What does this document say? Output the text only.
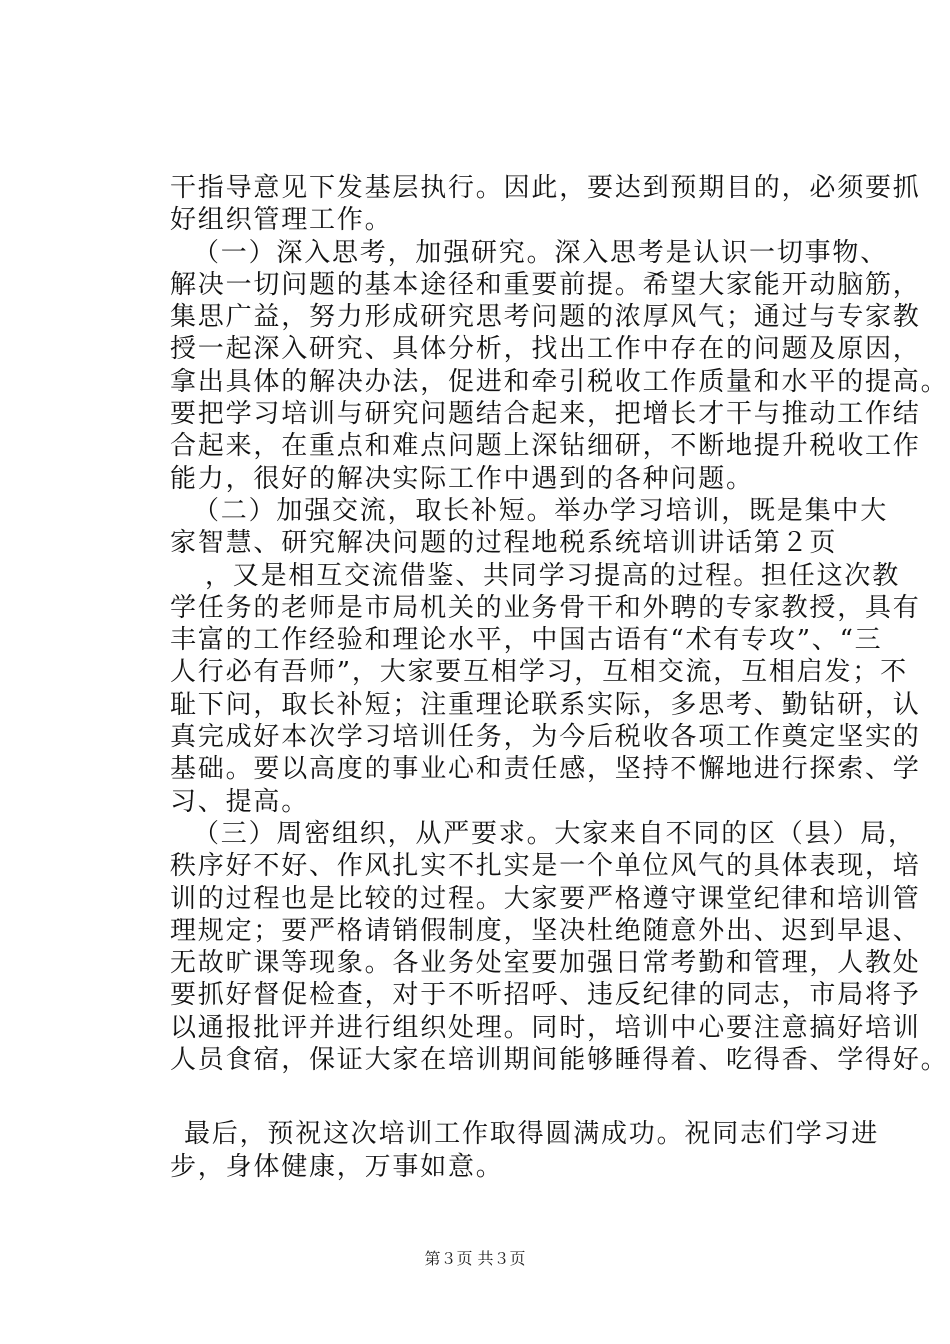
干指导意见下发基层执行。因此，要达到预期目的，必须要抓
好组织管理工作。
（一）深入思考，加强研究。深入思考是认识一切事物、
解决一切问题的基本途径和重要前提。希望大家能开动脑筋，
集思广益，努力形成研究思考问题的浓厚风气；通过与专家教
授一起深入研究、具体分析，找出工作中存在的问题及原因，
拿出具体的解决办法，促进和牵引税收工作质量和水平的提高。
要把学习培训与研究问题结合起来，把增长才干与推动工作结
合起来，在重点和难点问题上深钻细研，不断地提升税收工作
能力，很好的解决实际工作中遇到的各种问题。
（二）加强交流，取长补短。举办学习培训，既是集中大
家智慧、研究解决问题的过程地税系统培训讲话第２页
，又是相互交流借鉴、共同学习提高的过程。担任这次教
学任务的老师是市局机关的业务骨干和外聘的专家教授，具有
丰富的工作经验和理论水平，中国古语有“术有专攻”、“三
人行必有吾师”，大家要互相学习，互相交流，互相启发；不
耻下问，取长补短；注重理论联系实际，多思考、勤钻研，认
真完成好本次学习培训任务，为今后税收各项工作奠定坚实的
基础。要以高度的事业心和责任感，坚持不懈地进行探索、学
习、提高。
（三）周密组织，从严要求。大家来自不同的区（县）局，
秩序好不好、作风扎实不扎实是一个单位风气的具体表现，培
训的过程也是比较的过程。大家要严格遵守课堂纪律和培训管
理规定；要严格请销假制度，坚决杜绝随意外出、迟到早退、
无故旷课等现象。各业务处室要加强日常考勤和管理，人教处
要抓好督促检查，对于不听招呼、违反纪律的同志，市局将予
以通报批评并进行组织处理。同时，培训中心要注意搞好培训
人员食宿，保证大家在培训期间能够睡得着、吃得香、学得好。
最后，预祝这次培训工作取得圆满成功。祝同志们学习进
步，身体健康，万事如意。
第３页 共３页
